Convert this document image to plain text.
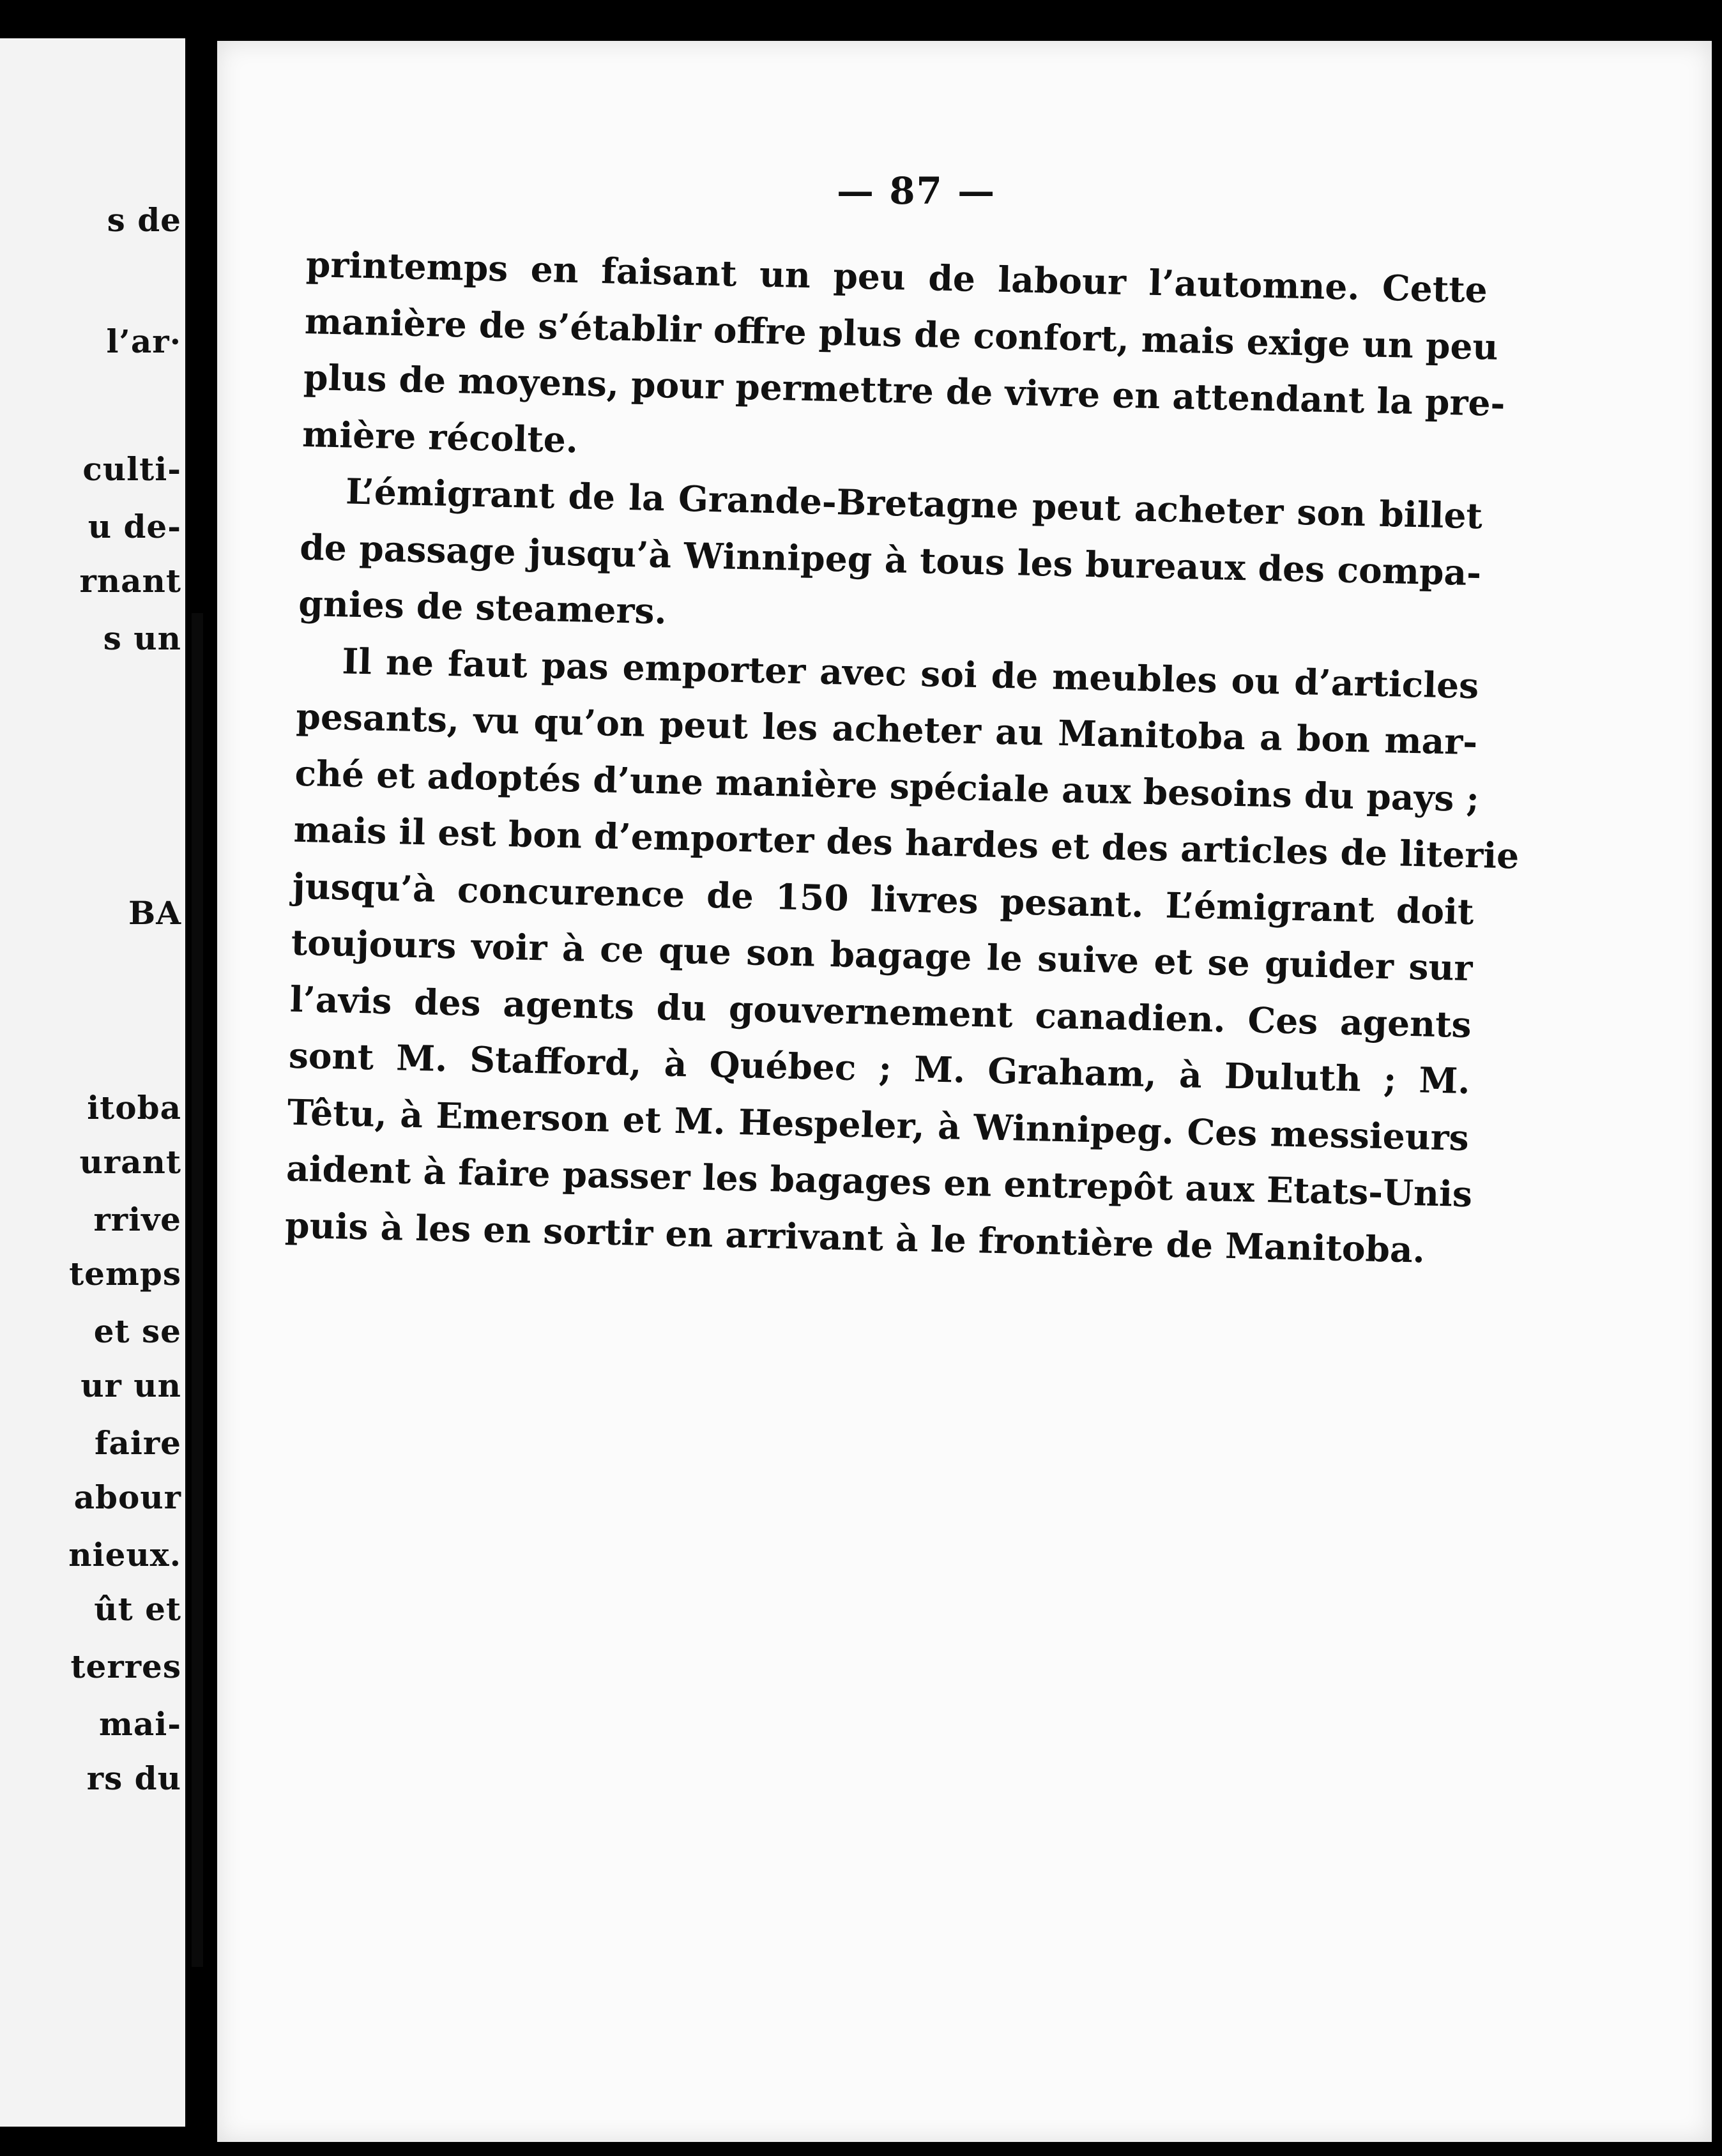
s de
l’ar·
culti-
u de-
rnant
s un
BA
itoba
urant
rrive
temps
et se
ur un
faire
abour
nieux.
ût et
terres
mai-
rs du
— 87 —
printemps en faisant un peu de labour l’automne. Cette
manière de s’établir offre plus de confort, mais exige un peu
plus de moyens, pour permettre de vivre en attendant la pre-
mière récolte.
L’émigrant de la Grande-Bretagne peut acheter son billet
de passage jusqu’à Winnipeg à tous les bureaux des compa-
gnies de steamers.
Il ne faut pas emporter avec soi de meubles ou d’articles
pesants, vu qu’on peut les acheter au Manitoba a bon mar-
ché et adoptés d’une manière spéciale aux besoins du pays ;
mais il est bon d’emporter des hardes et des articles de literie
jusqu’à concurence de 150 livres pesant. L’émigrant doit
toujours voir à ce que son bagage le suive et se guider sur
l’avis des agents du gouvernement canadien. Ces agents
sont M. Stafford, à Québec ; M. Graham, à Duluth ; M.
Têtu, à Emerson et M. Hespeler, à Winnipeg. Ces messieurs
aident à faire passer les bagages en entrepôt aux Etats-Unis
puis à les en sortir en arrivant à le frontière de Manitoba.
